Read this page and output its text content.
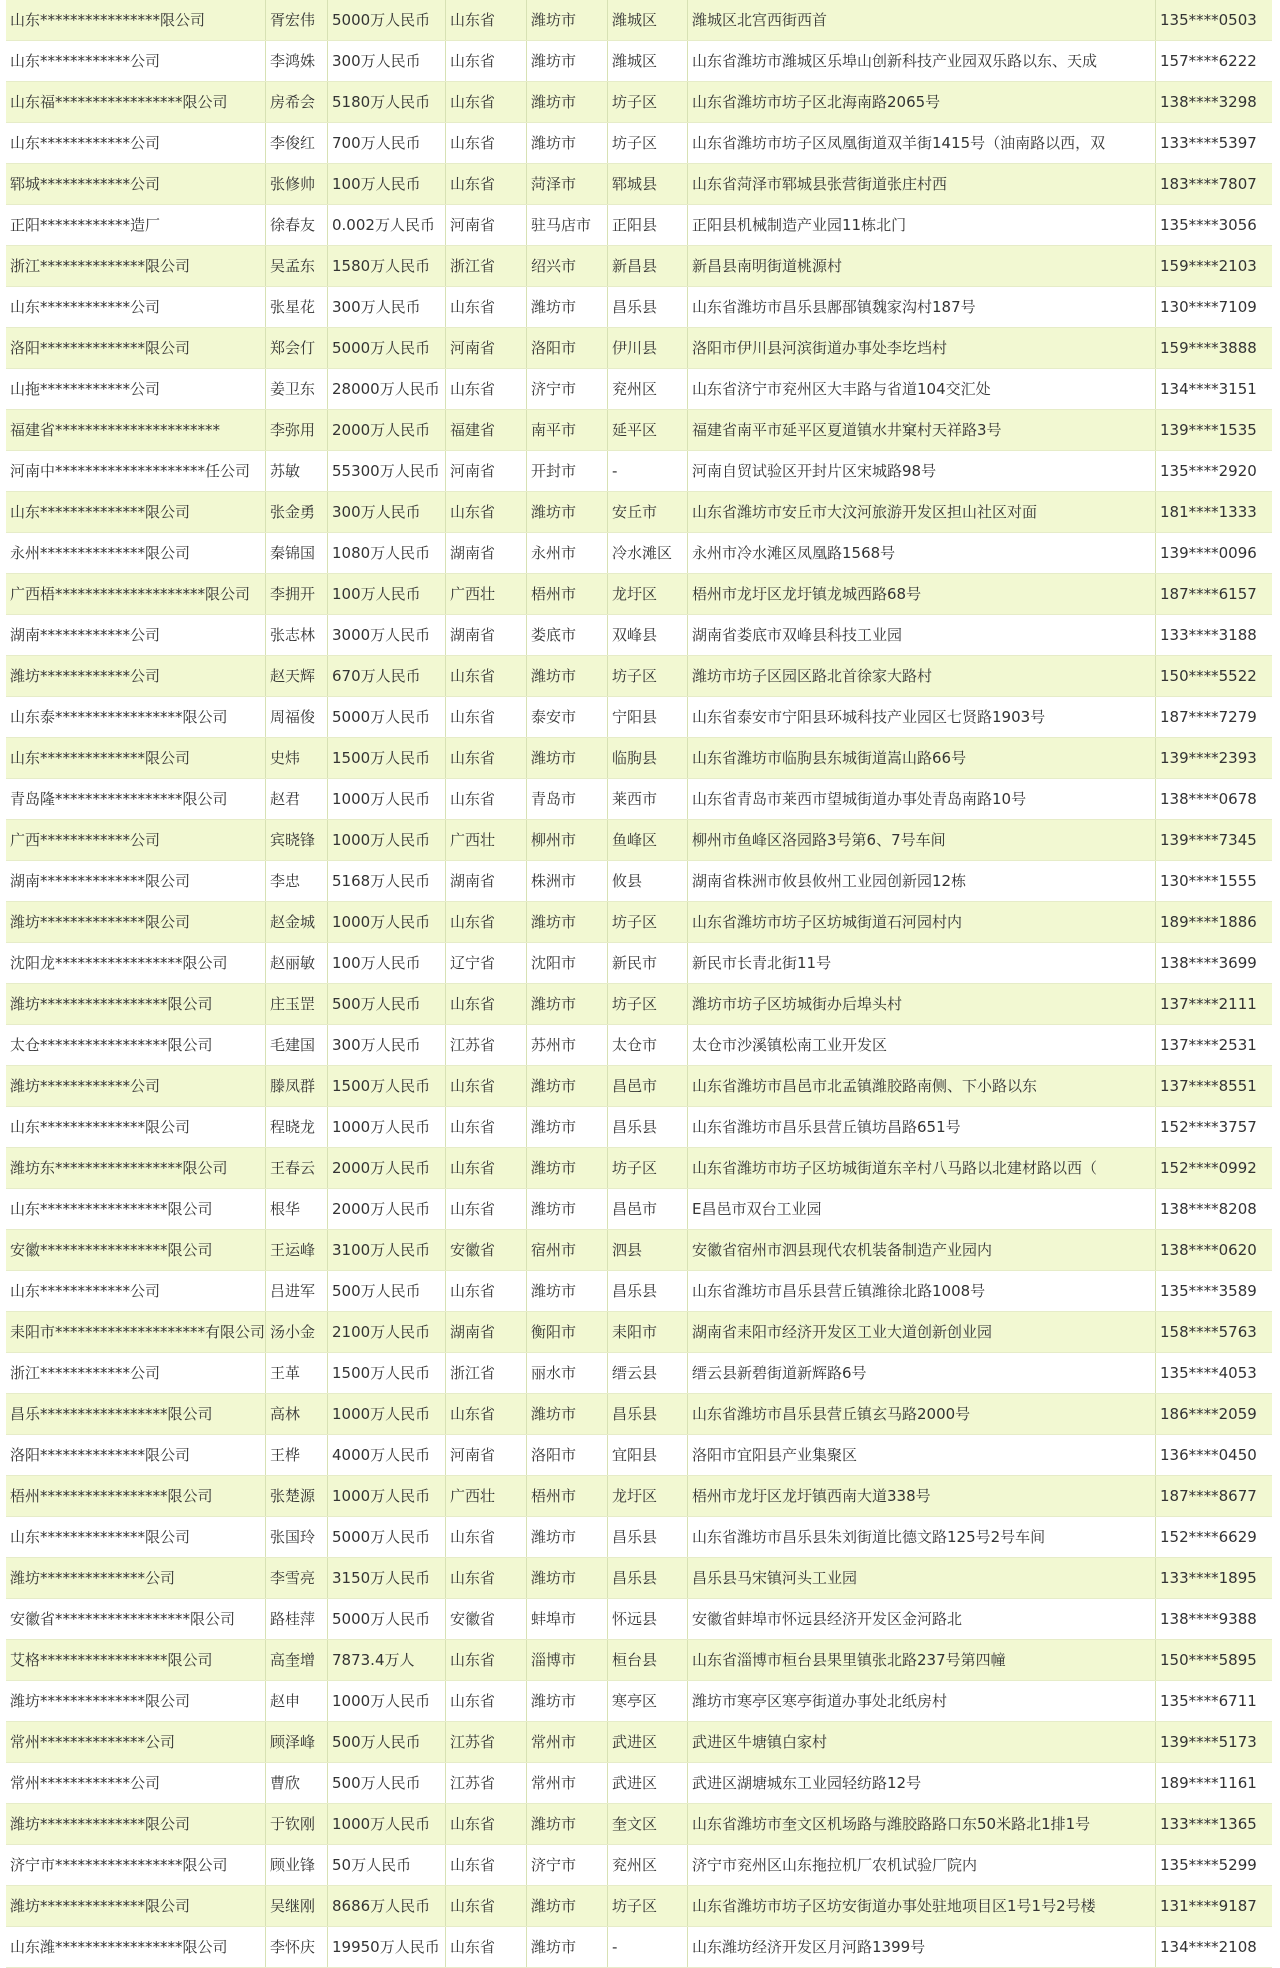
山东****************限公司	胥宏伟	5000万人民币	山东省	潍坊市	潍城区	潍城区北宫西街西首	135****0503
山东************公司	李鸿姝	300万人民币	山东省	潍坊市	潍城区	山东省潍坊市潍城区乐埠山创新科技产业园双乐路以东、天成	157****6222
山东福*****************限公司	房希会	5180万人民币	山东省	潍坊市	坊子区	山东省潍坊市坊子区北海南路2065号	138****3298
山东************公司	李俊红	700万人民币	山东省	潍坊市	坊子区	山东省潍坊市坊子区凤凰街道双羊街1415号（油南路以西，双	133****5397
郓城************公司	张修帅	100万人民币	山东省	菏泽市	郓城县	山东省菏泽市郓城县张营街道张庄村西	183****7807
正阳************造厂	徐春友	0.002万人民币	河南省	驻马店市	正阳县	正阳县机械制造产业园11栋北门	135****3056
浙江**************限公司	吴孟东	1580万人民币	浙江省	绍兴市	新昌县	新昌县南明街道桃源村	159****2103
山东************公司	张星花	300万人民币	山东省	潍坊市	昌乐县	山东省潍坊市昌乐县鄌郚镇魏家沟村187号	130****7109
洛阳**************限公司	郑会仃	5000万人民币	河南省	洛阳市	伊川县	洛阳市伊川县河滨街道办事处李圪垱村	159****3888
山拖************公司	姜卫东	28000万人民币 山东省	济宁市	兖州区	山东省济宁市兖州区大丰路与省道104交汇处	134****3151
福建省**********************	李弥用	2000万人民币	福建省	南平市	延平区	福建省南平市延平区夏道镇水井窠村天祥路3号	139****1535
河南中********************任公司	苏敏	55300万人民币 河南省	开封市	-	河南自贸试验区开封片区宋城路98号	135****2920
山东**************限公司	张金勇	300万人民币	山东省	潍坊市	安丘市	山东省潍坊市安丘市大汶河旅游开发区担山社区对面	181****1333
永州**************限公司	秦锦国	1080万人民币	湖南省	永州市	冷水滩区	永州市冷水滩区凤凰路1568号	139****0096
广西梧********************限公司	李拥开	100万人民币	广西壮	梧州市	龙圩区	梧州市龙圩区龙圩镇龙城西路68号	187****6157
湖南************公司	张志林	3000万人民币	湖南省	娄底市	双峰县	湖南省娄底市双峰县科技工业园	133****3188
潍坊************公司	赵天辉	670万人民币	山东省	潍坊市	坊子区	潍坊市坊子区园区路北首徐家大路村	150****5522
山东泰*****************限公司	周福俊	5000万人民币	山东省	泰安市	宁阳县	山东省泰安市宁阳县环城科技产业园区七贤路1903号	187****7279
山东**************限公司	史炜	1500万人民币	山东省	潍坊市	临朐县	山东省潍坊市临朐县东城街道嵩山路66号	139****2393
青岛隆*****************限公司	赵君	1000万人民币	山东省	青岛市	莱西市	山东省青岛市莱西市望城街道办事处青岛南路10号	138****0678
广西************公司	宾晓锋	1000万人民币	广西壮	柳州市	鱼峰区	柳州市鱼峰区洛园路3号第6、7号车间	139****7345
湖南**************限公司	李忠	5168万人民币	湖南省	株洲市	攸县	湖南省株洲市攸县攸州工业园创新园12栋	130****1555
潍坊**************限公司	赵金城	1000万人民币	山东省	潍坊市	坊子区	山东省潍坊市坊子区坊城街道石河园村内	189****1886
沈阳龙*****************限公司	赵丽敏	100万人民币	辽宁省	沈阳市	新民市	新民市长青北街11号	138****3699
潍坊*****************限公司	庄玉罡	500万人民币	山东省	潍坊市	坊子区	潍坊市坊子区坊城街办后埠头村	137****2111
太仓*****************限公司	毛建国	300万人民币	江苏省	苏州市	太仓市	太仓市沙溪镇松南工业开发区	137****2531
潍坊************公司	滕凤群	1500万人民币	山东省	潍坊市	昌邑市	山东省潍坊市昌邑市北孟镇潍胶路南侧、下小路以东	137****8551
山东**************限公司	程晓龙	1000万人民币	山东省	潍坊市	昌乐县	山东省潍坊市昌乐县营丘镇坊昌路651号	152****3757
潍坊东*****************限公司	王春云	2000万人民币	山东省	潍坊市	坊子区	山东省潍坊市坊子区坊城街道东辛村八马路以北建材路以西（	152****0992
山东*****************限公司	根华	2000万人民币	山东省	潍坊市	昌邑市	E昌邑市双台工业园	138****8208
安徽*****************限公司	王运峰	3100万人民币	安徽省	宿州市	泗县	安徽省宿州市泗县现代农机装备制造产业园内	138****0620
山东************公司	吕进军	500万人民币	山东省	潍坊市	昌乐县	山东省潍坊市昌乐县营丘镇潍徐北路1008号	135****3589
耒阳市********************有限公司 汤小金	2100万人民币	湖南省	衡阳市	耒阳市	湖南省耒阳市经济开发区工业大道创新创业园	158****5763
浙江************公司	王革	1500万人民币	浙江省	丽水市	缙云县	缙云县新碧街道新辉路6号	135****4053
昌乐*****************限公司	高林	1000万人民币	山东省	潍坊市	昌乐县	山东省潍坊市昌乐县营丘镇玄马路2000号	186****2059
洛阳**************限公司	王桦	4000万人民币	河南省	洛阳市	宜阳县	洛阳市宜阳县产业集聚区	136****0450
梧州*****************限公司	张楚源	1000万人民币	广西壮	梧州市	龙圩区	梧州市龙圩区龙圩镇西南大道338号	187****8677
山东**************限公司	张国玲	5000万人民币	山东省	潍坊市	昌乐县	山东省潍坊市昌乐县朱刘街道比德文路125号2号车间	152****6629
潍坊**************公司	李雪亮	3150万人民币	山东省	潍坊市	昌乐县	昌乐县马宋镇河头工业园	133****1895
安徽省******************限公司	路桂萍	5000万人民币	安徽省	蚌埠市	怀远县	安徽省蚌埠市怀远县经济开发区金河路北	138****9388
艾格*****************限公司	高奎增	7873.4万人	山东省	淄博市	桓台县	山东省淄博市桓台县果里镇张北路237号第四幢	150****5895
潍坊**************限公司	赵申	1000万人民币	山东省	潍坊市	寒亭区	潍坊市寒亭区寒亭街道办事处北纸房村	135****6711
常州**************公司	顾泽峰	500万人民币	江苏省	常州市	武进区	武进区牛塘镇白家村	139****5173
常州************公司	曹欣	500万人民币	江苏省	常州市	武进区	武进区湖塘城东工业园轻纺路12号	189****1161
潍坊**************限公司	于钦刚	1000万人民币	山东省	潍坊市	奎文区	山东省潍坊市奎文区机场路与潍胶路路口东50米路北1排1号	133****1365
济宁市*****************限公司	顾业锋	50万人民币	山东省	济宁市	兖州区	济宁市兖州区山东拖拉机厂农机试验厂院内	135****5299
潍坊**************限公司	吴继刚	8686万人民币	山东省	潍坊市	坊子区	山东省潍坊市坊子区坊安街道办事处驻地项目区1号1号2号楼	131****9187
山东潍*****************限公司	李怀庆	19950万人民币 山东省	潍坊市	-	山东潍坊经济开发区月河路1399号	134****2108
